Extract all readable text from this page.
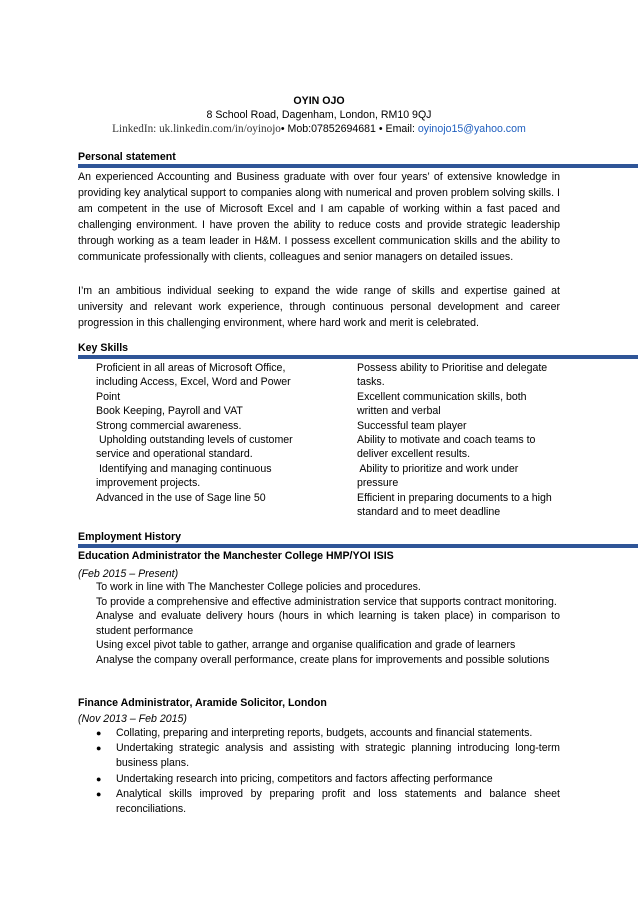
OYIN OJO
8 School Road, Dagenham, London, RM10 9QJ
LinkedIn: uk.linkedin.com/in/oyinojo• Mob:07852694681 • Email: oyinojo15@yahoo.com
Personal statement
An experienced Accounting and Business graduate with over four years’ of extensive knowledge in providing key analytical support to companies along with numerical and proven problem solving skills. I am competent in the use of Microsoft Excel and I am capable of working within a fast paced and challenging environment. I have proven the ability to reduce costs and provide strategic leadership through working as a team leader in H&M. I possess excellent communication skills and the ability to communicate professionally with clients, colleagues and senior managers on detailed issues.
I’m an ambitious individual seeking to expand the wide range of skills and expertise gained at university and relevant work experience, through continuous personal development and career progression in this challenging environment, where hard work and merit is celebrated.
Key Skills
Proficient in all areas of Microsoft Office,
including Access, Excel, Word and Power
Point
Book Keeping, Payroll and VAT
Strong commercial awareness.
Upholding outstanding levels of customer
service and operational standard.
Identifying and managing continuous
improvement projects.
Advanced in the use of Sage line 50
Possess ability to Prioritise and delegate
tasks.
Excellent communication skills, both
written and verbal
Successful team player
Ability to motivate and coach teams to
deliver excellent results.
Ability to prioritize and work under
pressure
Efficient in preparing documents to a high
standard and to meet deadline
Employment History
Education Administrator the Manchester College HMP/YOI ISIS
(Feb 2015 – Present)
To work in line with The Manchester College policies and procedures.
To provide a comprehensive and effective administration service that supports contract monitoring.
Analyse and evaluate delivery hours (hours in which learning is taken place) in comparison to student performance
Using excel pivot table to gather, arrange and organise qualification and grade of learners
Analyse the company overall performance, create plans for improvements and possible solutions
Finance Administrator, Aramide Solicitor, London
(Nov 2013 – Feb 2015)
●	Collating, preparing and interpreting reports, budgets, accounts and financial statements.
●	Undertaking strategic analysis and assisting with strategic planning introducing long-term business plans.
●	Undertaking research into pricing, competitors and factors affecting performance
●	Analytical skills improved by preparing profit and loss statements and balance sheet reconciliations.
